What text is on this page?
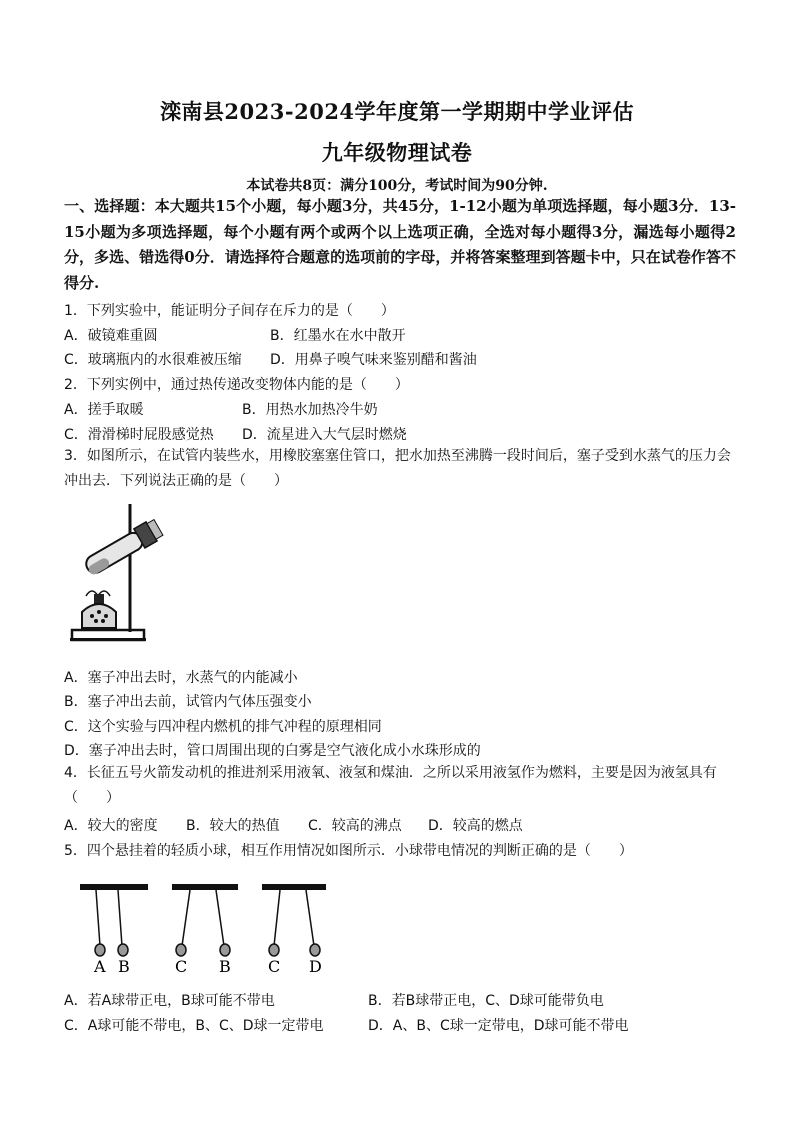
滦南县2023-2024学年度第一学期期中学业评估
九年级物理试卷
本试卷共8页：满分100分，考试时间为90分钟.
一、选择题：本大题共15个小题，每小题3分，共45分，1-12小题为单项选择题，每小题3分．13-15小题为多项选择题，每个小题有两个或两个以上选项正确，全选对每小题得3分，漏选每小题得2分，多选、错选得0分．请选择符合题意的选项前的字母，并将答案整理到答题卡中，只在试卷作答不得分.
1．下列实验中，能证明分子间存在斥力的是（　　）
A．破镜难重圆	B．红墨水在水中散开
C．玻璃瓶内的水很难被压缩 D．用鼻子嗅气味来鉴别醋和酱油
2．下列实例中，通过热传递改变物体内能的是（　　）
A．搓手取暖	B．用热水加热冷牛奶
C．滑滑梯时屁股感觉热 D．流星进入大气层时燃烧
3．如图所示，在试管内装些水，用橡胶塞塞住管口，把水加热至沸腾一段时间后，塞子受到水蒸气的压力会冲出去．下列说法正确的是（　　）
A．塞子冲出去时，水蒸气的内能减小
B．塞子冲出去前，试管内气体压强变小
C．这个实验与四冲程内燃机的排气冲程的原理相同
D．塞子冲出去时，管口周围出现的白雾是空气液化成小水珠形成的
4．长征五号火箭发动机的推进剂采用液氧、液氢和煤油．之所以采用液氢作为燃料，主要是因为液氢具有（　　）
A．较大的密度 B．较大的热值 C．较高的沸点 D．较高的燃点
5．四个悬挂着的轻质小球，相互作用情况如图所示．小球带电情况的判断正确的是（　　）
A B	C B C D
A．若A球带正电，B球可能不带电	B．若B球带正电，C、D球可能带负电
C．A球可能不带电，B、C、D球一定带电	D．A、B、C球一定带电，D球可能不带电
